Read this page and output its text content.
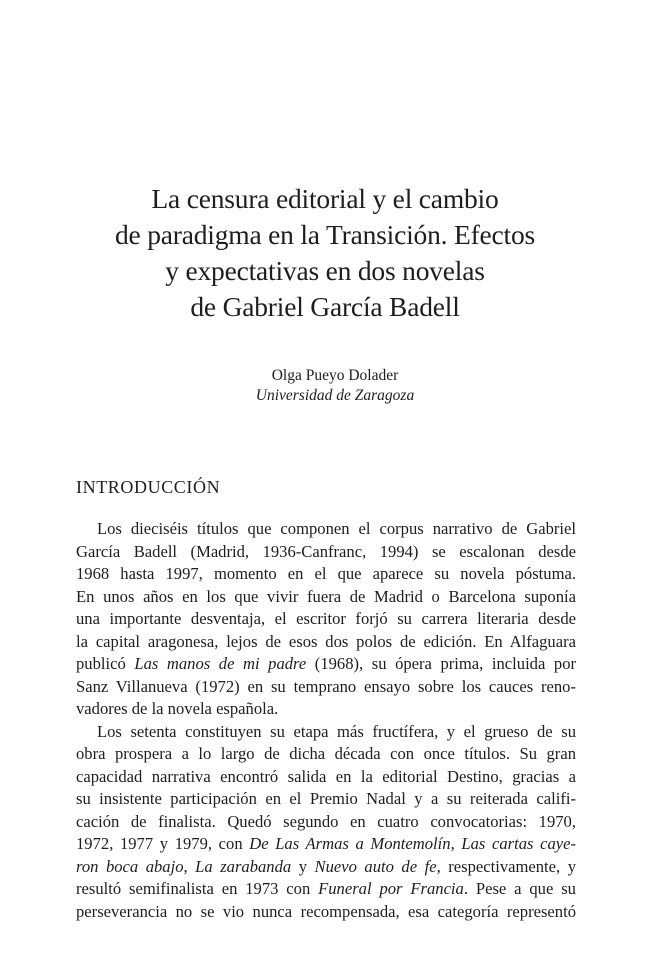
La censura editorial y el cambio
de paradigma en la Transición. Efectos
y expectativas en dos novelas
de Gabriel García Badell
Olga Pueyo Dolader
Universidad de Zaragoza
INTRODUCCIÓN
Los dieciséis títulos que componen el corpus narrativo de Gabriel
García Badell (Madrid, 1936-Canfranc, 1994) se escalonan desde
1968 hasta 1997, momento en el que aparece su novela póstuma.
En unos años en los que vivir fuera de Madrid o Barcelona suponía
una importante desventaja, el escritor forjó su carrera literaria desde
la capital aragonesa, lejos de esos dos polos de edición. En Alfaguara
publicó Las manos de mi padre (1968), su ópera prima, incluida por
Sanz Villanueva (1972) en su temprano ensayo sobre los cauces reno-
vadores de la novela española.
Los setenta constituyen su etapa más fructífera, y el grueso de su
obra prospera a lo largo de dicha década con once títulos. Su gran
capacidad narrativa encontró salida en la editorial Destino, gracias a
su insistente participación en el Premio Nadal y a su reiterada califi-
cación de finalista. Quedó segundo en cuatro convocatorias: 1970,
1972, 1977 y 1979, con De Las Armas a Montemolín, Las cartas caye-
ron boca abajo, La zarabanda y Nuevo auto de fe, respectivamente, y
resultó semifinalista en 1973 con Funeral por Francia. Pese a que su
perseverancia no se vio nunca recompensada, esa categoría representó
